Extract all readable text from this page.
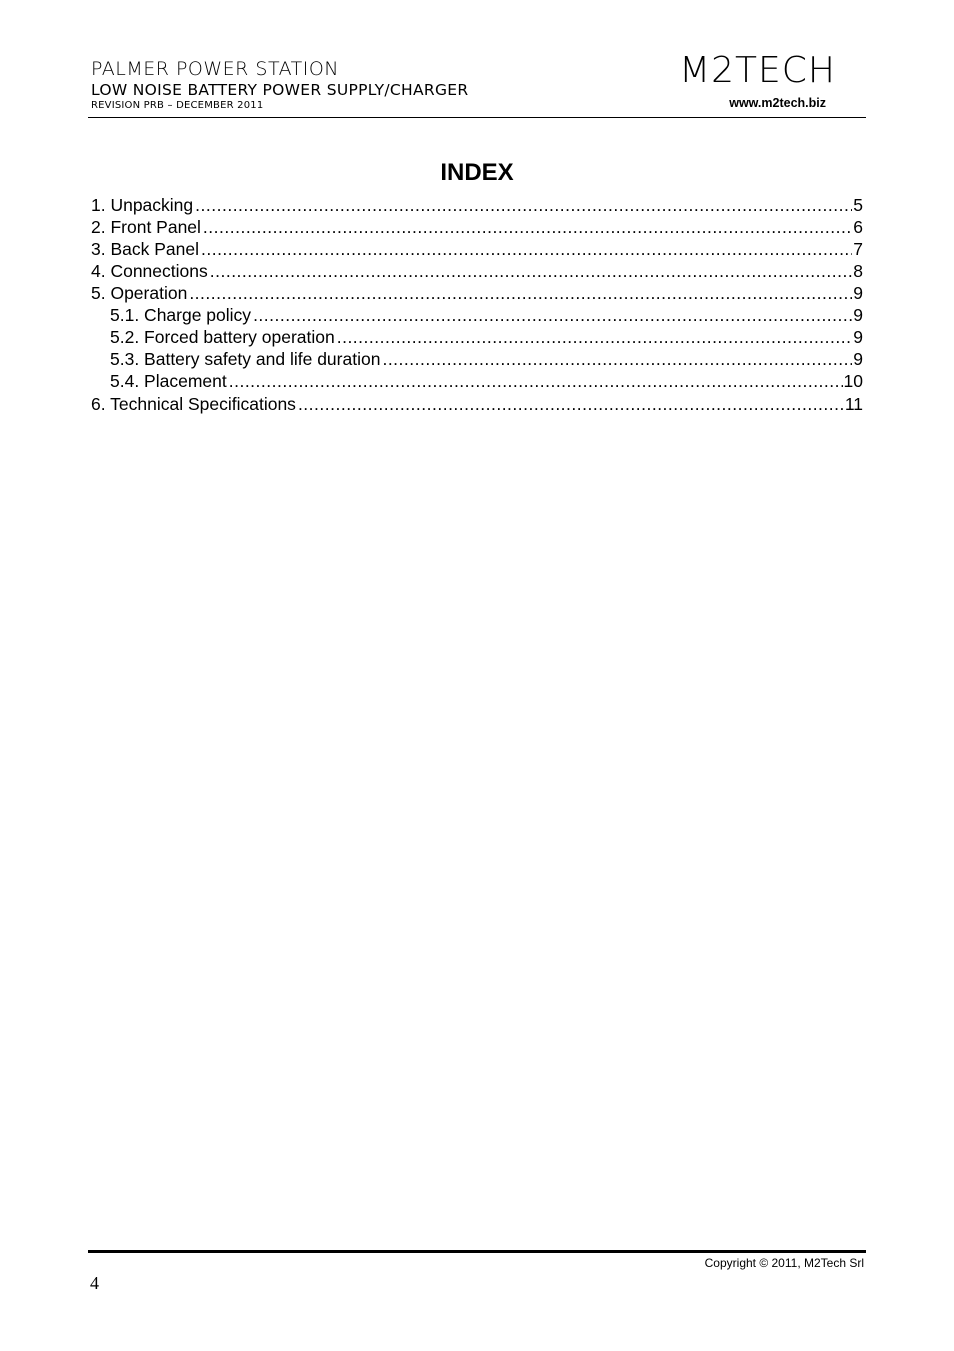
PALMER POWER STATION
LOW NOISE BATTERY POWER SUPPLY/CHARGER
REVISION PRB – DECEMBER 2011
M2TECH
www.m2tech.biz
INDEX
1. Unpacking .....	5
2. Front Panel .....	6
3. Back Panel .....	7
4. Connections .....	8
5. Operation .....	9
5.1. Charge policy .....	9
5.2. Forced battery operation .....	9
5.3. Battery safety and life duration .....	9
5.4. Placement .....	10
6. Technical Specifications .....	11
Copyright © 2011, M2Tech Srl
4
